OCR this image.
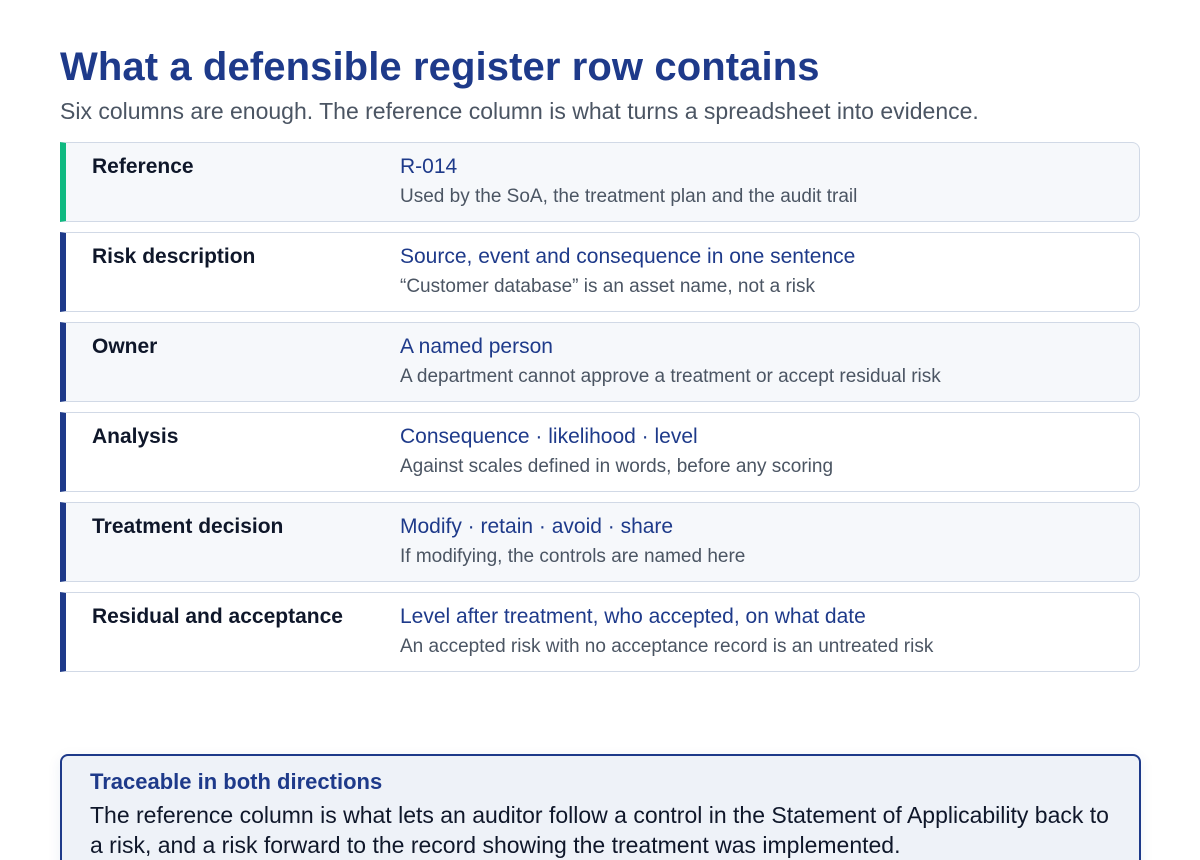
What a defensible register row contains

Six columns are enough. The reference column is what turns a spreadsheet into evidence.

Reference	R-014
Used by the SoA, the treatment plan and the audit trail
Risk description	Source, event and consequence in one sentence
“Customer database” is an asset name, not a risk
Owner	A named person
A department cannot approve a treatment or accept residual risk
Analysis	Consequence · likelihood · level
Against scales defined in words, before any scoring
Treatment decision	Modify · retain · avoid · share
If modifying, the controls are named here
Residual and acceptance	Level after treatment, who accepted, on what date
An accepted risk with no acceptance record is an untreated risk
Traceable in both directions
The reference column is what lets an auditor follow a control in the Statement of Applicability back to a risk, and a risk forward to the record showing the treatment was implemented.
